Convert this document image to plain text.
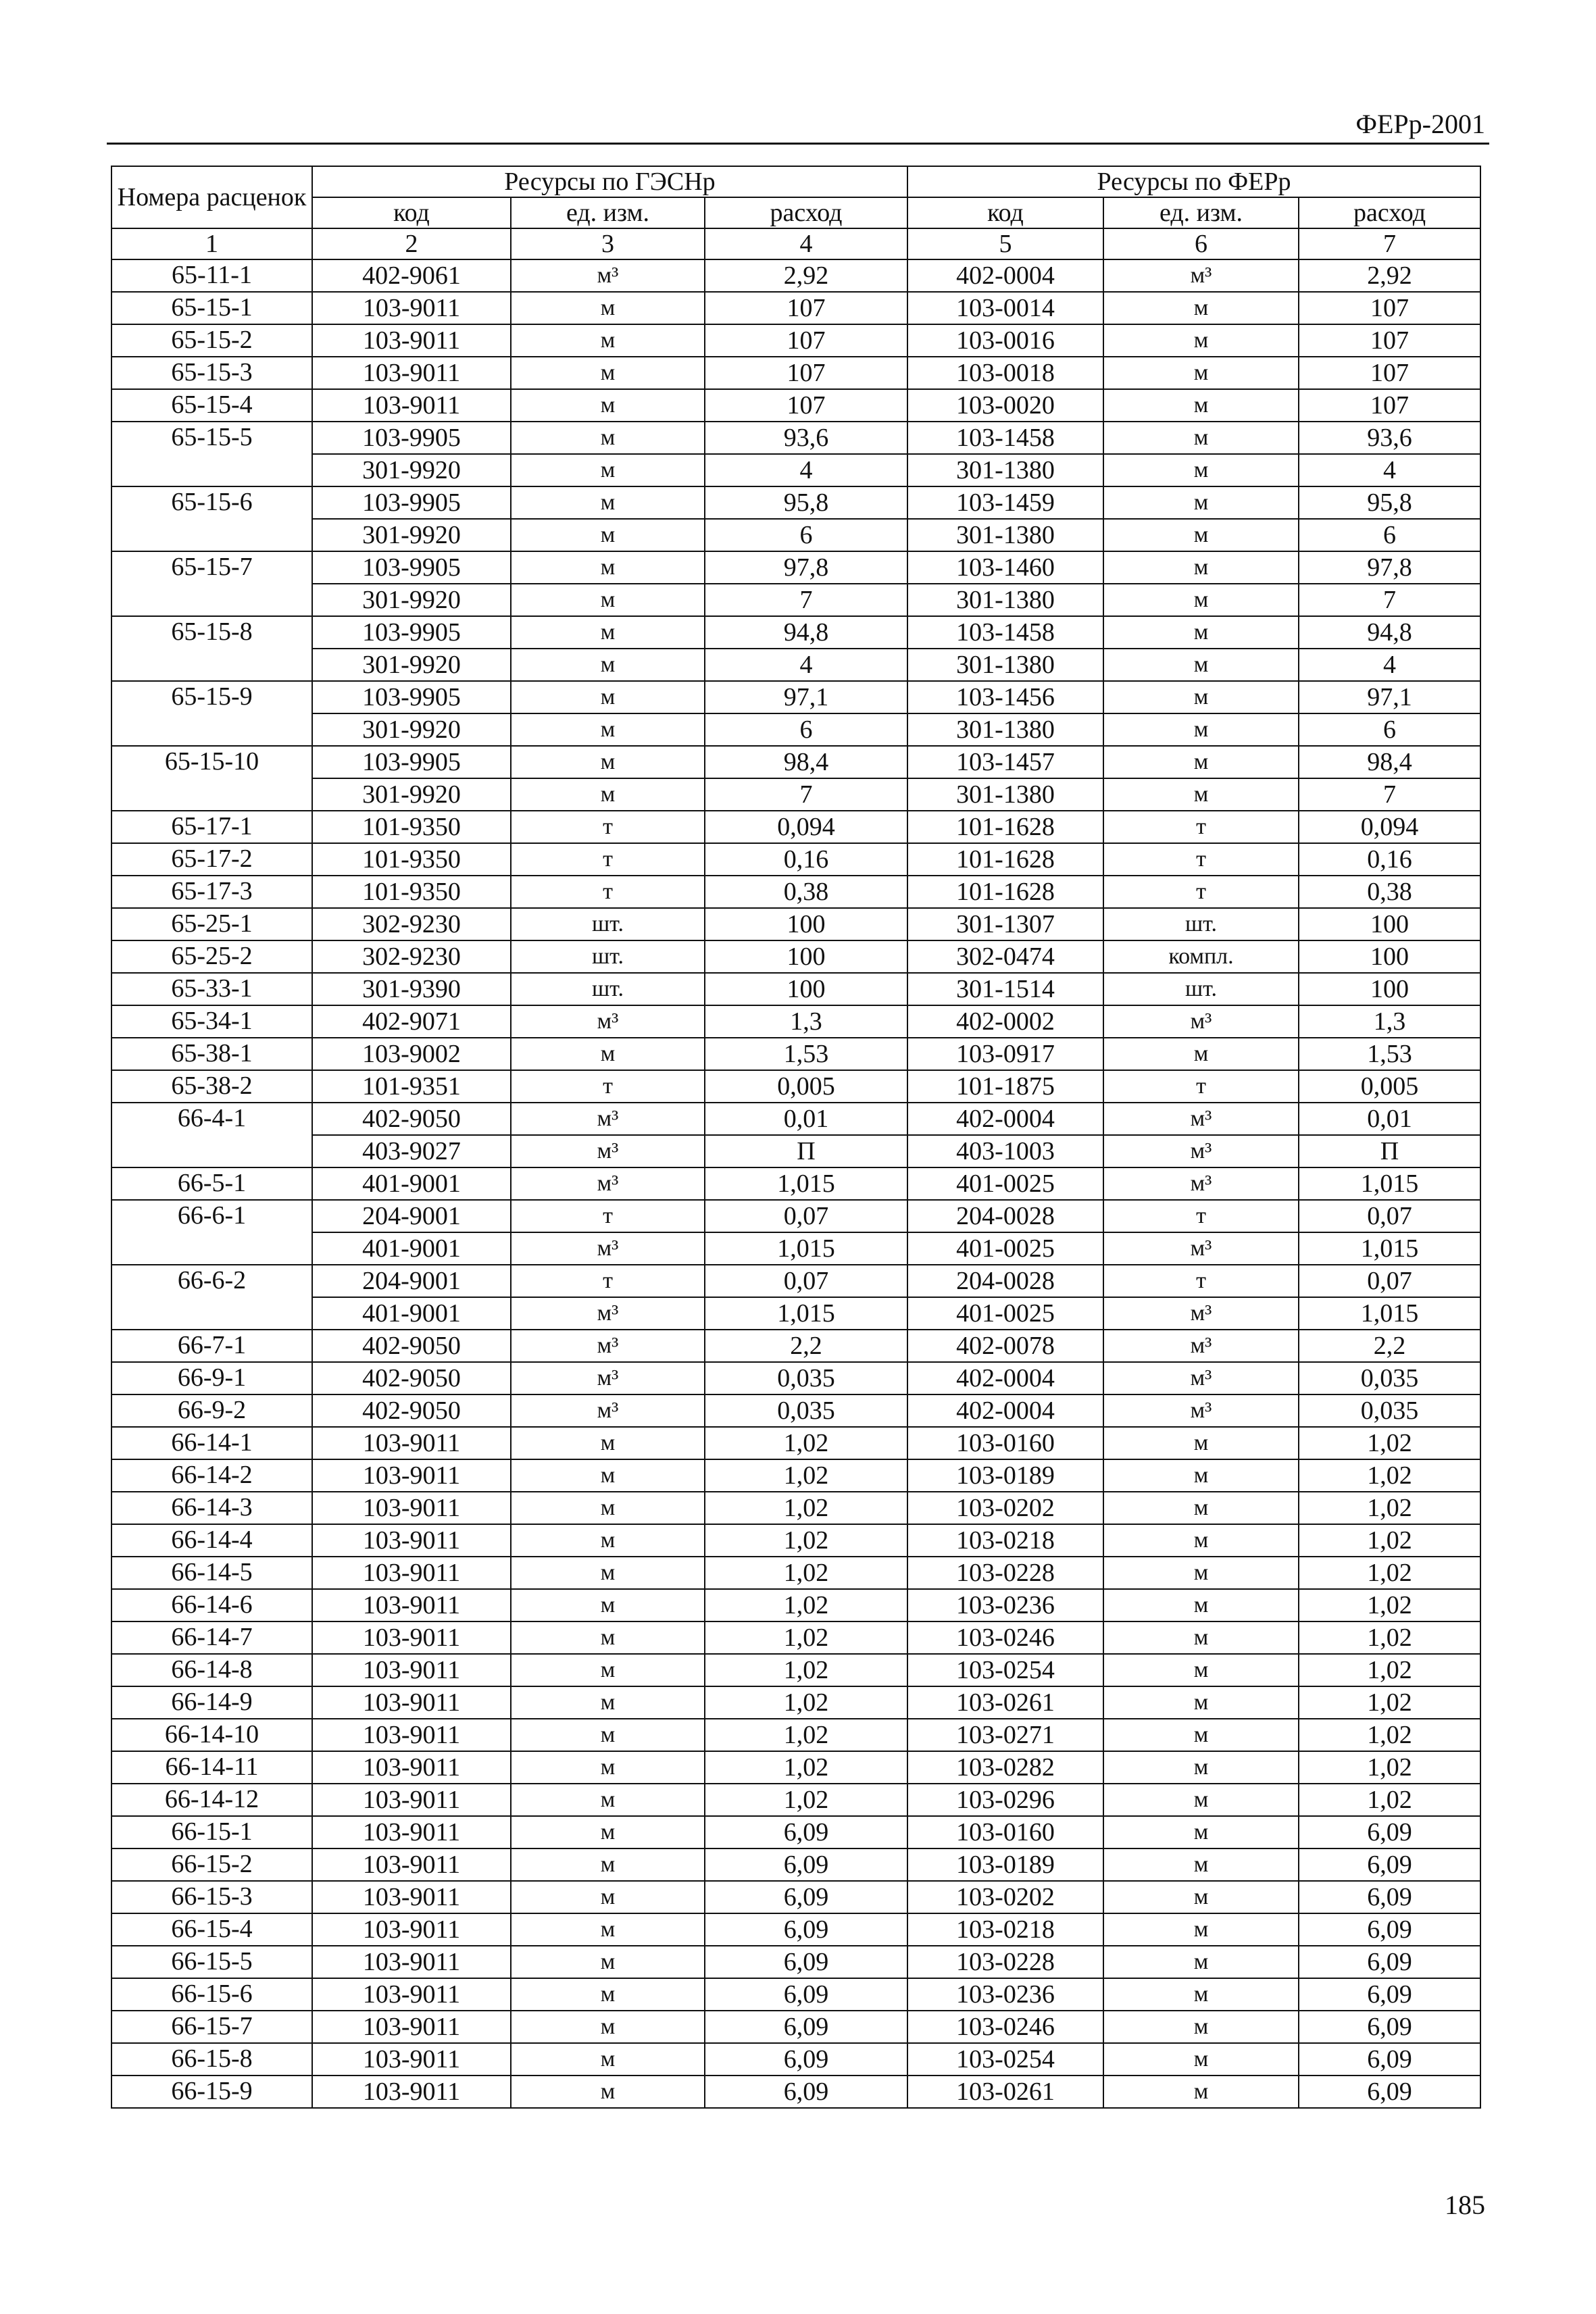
ФЕРр-2001
Номера расценок	Ресурсы по ГЭСНр			Ресурсы по ФЕРр		
	код	ед. изм.	расход	код	ед. изм.	расход
1	2	3	4	5	6	7
65-11-1	402-9061	м³	2,92	402-0004	м³	2,92
65-15-1	103-9011	м	107	103-0014	м	107
65-15-2	103-9011	м	107	103-0016	м	107
65-15-3	103-9011	м	107	103-0018	м	107
65-15-4	103-9011	м	107	103-0020	м	107
65-15-5	103-9905	м	93,6	103-1458	м	93,6
	301-9920	м	4	301-1380	м	4
65-15-6	103-9905	м	95,8	103-1459	м	95,8
	301-9920	м	6	301-1380	м	6
65-15-7	103-9905	м	97,8	103-1460	м	97,8
	301-9920	м	7	301-1380	м	7
65-15-8	103-9905	м	94,8	103-1458	м	94,8
	301-9920	м	4	301-1380	м	4
65-15-9	103-9905	м	97,1	103-1456	м	97,1
	301-9920	м	6	301-1380	м	6
65-15-10	103-9905	м	98,4	103-1457	м	98,4
	301-9920	м	7	301-1380	м	7
65-17-1	101-9350	т	0,094	101-1628	т	0,094
65-17-2	101-9350	т	0,16	101-1628	т	0,16
65-17-3	101-9350	т	0,38	101-1628	т	0,38
65-25-1	302-9230	шт.	100	301-1307	шт.	100
65-25-2	302-9230	шт.	100	302-0474	компл.	100
65-33-1	301-9390	шт.	100	301-1514	шт.	100
65-34-1	402-9071	м³	1,3	402-0002	м³	1,3
65-38-1	103-9002	м	1,53	103-0917	м	1,53
65-38-2	101-9351	т	0,005	101-1875	т	0,005
66-4-1	402-9050	м³	0,01	402-0004	м³	0,01
	403-9027	м³	П	403-1003	м³	П
66-5-1	401-9001	м³	1,015	401-0025	м³	1,015
66-6-1	204-9001	т	0,07	204-0028	т	0,07
	401-9001	м³	1,015	401-0025	м³	1,015
66-6-2	204-9001	т	0,07	204-0028	т	0,07
	401-9001	м³	1,015	401-0025	м³	1,015
66-7-1	402-9050	м³	2,2	402-0078	м³	2,2
66-9-1	402-9050	м³	0,035	402-0004	м³	0,035
66-9-2	402-9050	м³	0,035	402-0004	м³	0,035
66-14-1	103-9011	м	1,02	103-0160	м	1,02
66-14-2	103-9011	м	1,02	103-0189	м	1,02
66-14-3	103-9011	м	1,02	103-0202	м	1,02
66-14-4	103-9011	м	1,02	103-0218	м	1,02
66-14-5	103-9011	м	1,02	103-0228	м	1,02
66-14-6	103-9011	м	1,02	103-0236	м	1,02
66-14-7	103-9011	м	1,02	103-0246	м	1,02
66-14-8	103-9011	м	1,02	103-0254	м	1,02
66-14-9	103-9011	м	1,02	103-0261	м	1,02
66-14-10	103-9011	м	1,02	103-0271	м	1,02
66-14-11	103-9011	м	1,02	103-0282	м	1,02
66-14-12	103-9011	м	1,02	103-0296	м	1,02
66-15-1	103-9011	м	6,09	103-0160	м	6,09
66-15-2	103-9011	м	6,09	103-0189	м	6,09
66-15-3	103-9011	м	6,09	103-0202	м	6,09
66-15-4	103-9011	м	6,09	103-0218	м	6,09
66-15-5	103-9011	м	6,09	103-0228	м	6,09
66-15-6	103-9011	м	6,09	103-0236	м	6,09
66-15-7	103-9011	м	6,09	103-0246	м	6,09
66-15-8	103-9011	м	6,09	103-0254	м	6,09
66-15-9	103-9011	м	6,09	103-0261	м	6,09
185
